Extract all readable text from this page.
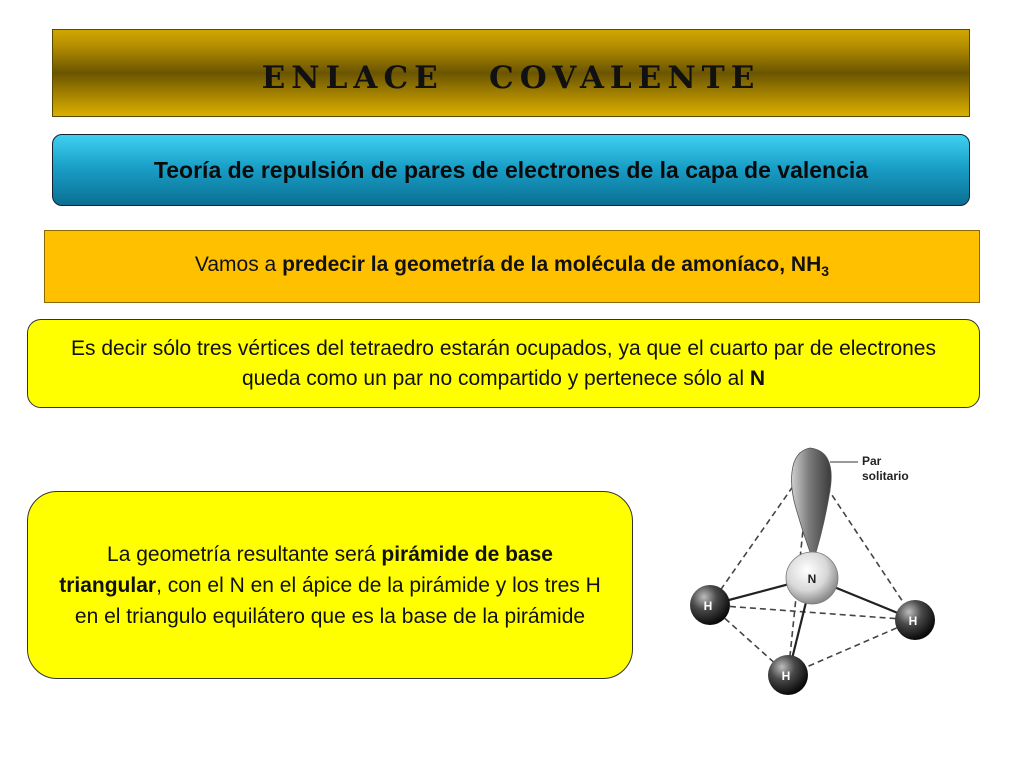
enlace covalente
Teoría de repulsión de pares de electrones de la capa de valencia
Vamos a predecir la geometría de la molécula de amoníaco, $NH_3$
Es decir sólo tres vértices del tetraedro estarán ocupados, ya que el cuarto par de electrones queda como un par no compartido y pertenece sólo al N
La geometría resultante será pirámide de base triangular, con el N en el ápice de la pirámide y los tres H en el triangulo equilátero que es la base de la pirámide
N
H
H
H
Par
solitario
